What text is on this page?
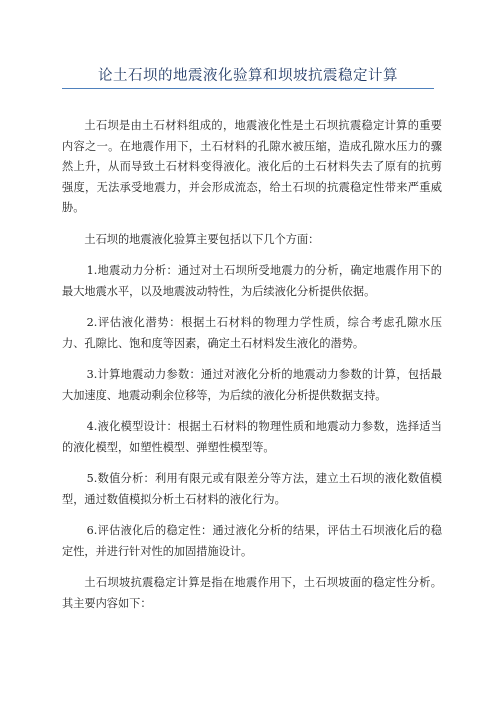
论土石坝的地震液化验算和坝坡抗震稳定计算

土石坝是由土石材料组成的，地震液化性是土石坝抗震稳定计算的重要内容之一。在地震作用下，土石材料的孔隙水被压缩，造成孔隙水压力的骤然上升，从而导致土石材料变得液化。液化后的土石材料失去了原有的抗剪强度，无法承受地震力，并会形成流态，给土石坝的抗震稳定性带来严重威胁。

土石坝的地震液化验算主要包括以下几个方面：

1.地震动力分析：通过对土石坝所受地震力的分析，确定地震作用下的最大地震水平，以及地震波动特性，为后续液化分析提供依据。

2.评估液化潜势：根据土石材料的物理力学性质，综合考虑孔隙水压力、孔隙比、饱和度等因素，确定土石材料发生液化的潜势。

3.计算地震动力参数：通过对液化分析的地震动力参数的计算，包括最大加速度、地震动剩余位移等，为后续的液化分析提供数据支持。

4.液化模型设计：根据土石材料的物理性质和地震动力参数，选择适当的液化模型，如塑性模型、弹塑性模型等。

5.数值分析：利用有限元或有限差分等方法，建立土石坝的液化数值模型，通过数值模拟分析土石材料的液化行为。

6.评估液化后的稳定性：通过液化分析的结果，评估土石坝液化后的稳定性，并进行针对性的加固措施设计。

土石坝坡抗震稳定计算是指在地震作用下，土石坝坡面的稳定性分析。其主要内容如下：
